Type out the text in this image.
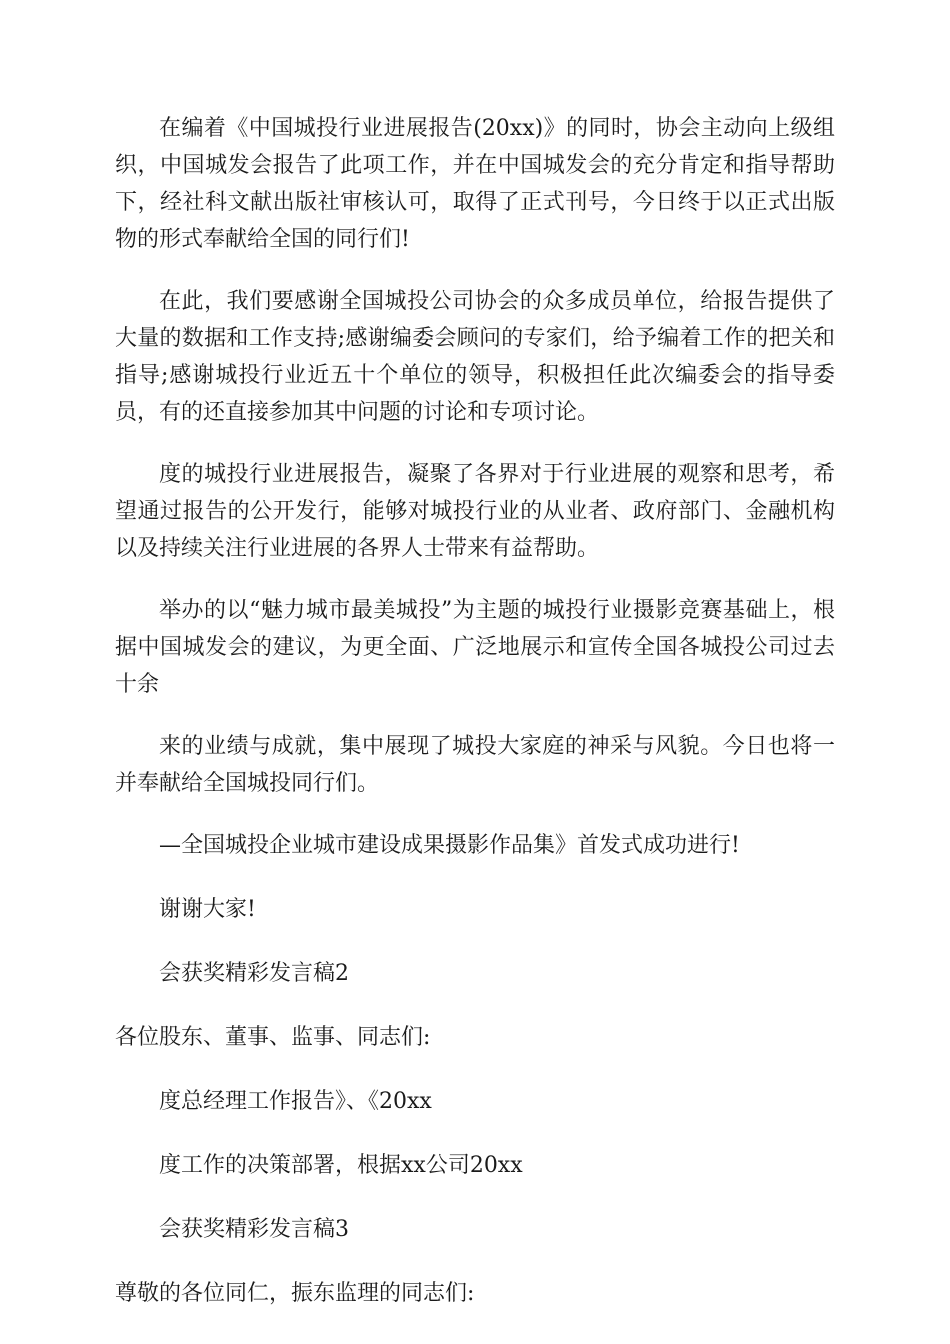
在编着《中国城投行业进展报告(20xx)》的同时，协会主动向上级组织，中国城发会报告了此项工作，并在中国城发会的充分肯定和指导帮助下，经社科文献出版社审核认可，取得了正式刊号，今日终于以正式出版物的形式奉献给全国的同行们!

在此，我们要感谢全国城投公司协会的众多成员单位，给报告提供了大量的数据和工作支持;感谢编委会顾问的专家们，给予编着工作的把关和指导;感谢城投行业近五十个单位的领导，积极担任此次编委会的指导委员，有的还直接参加其中问题的讨论和专项讨论。

度的城投行业进展报告，凝聚了各界对于行业进展的观察和思考，希望通过报告的公开发行，能够对城投行业的从业者、政府部门、金融机构以及持续关注行业进展的各界人士带来有益帮助。

举办的以“魅力城市最美城投”为主题的城投行业摄影竞赛基础上，根据中国城发会的建议，为更全面、广泛地展示和宣传全国各城投公司过去十余

来的业绩与成就，集中展现了城投大家庭的神采与风貌。今日也将一并奉献给全国城投同行们。

—全国城投企业城市建设成果摄影作品集》首发式成功进行!

谢谢大家!

会获奖精彩发言稿2

各位股东、董事、监事、同志们:

度总经理工作报告》、《20xx

度工作的决策部署，根据xx公司20xx

会获奖精彩发言稿3

尊敬的各位同仁，振东监理的同志们:
